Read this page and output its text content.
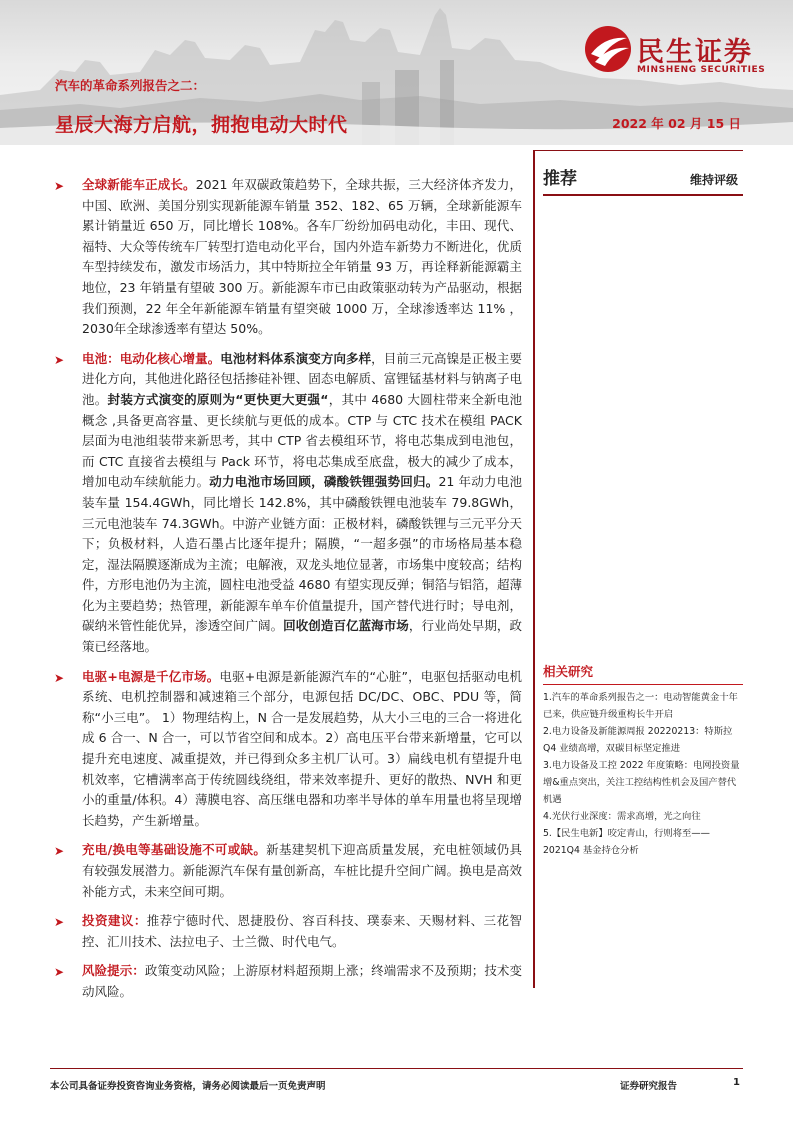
汽车的革命系列报告之二：
星辰大海方启航，拥抱电动大时代	2022 年 02 月 15 日
民生证券
MINSHENG SECURITIES
➤ 全球新能车正成长。2021 年双碳政策趋势下，全球共振，三大经济体齐发力，中国、欧洲、美国分别实现新能源车销量 352、182、65 万辆，全球新能源车累计销量近 650 万，同比增长 108%。各车厂纷纷加码电动化，丰田、现代、福特、大众等传统车厂转型打造电动化平台，国内外造车新势力不断进化，优质车型持续发布，激发市场活力，其中特斯拉全年销量 93 万，再诠释新能源霸主地位，23 年销量有望破 300 万。新能源车市已由政策驱动转为产品驱动，根据我们预测，22 年全年新能源车销量有望突破 1000 万，全球渗透率达 11% ，2030年全球渗透率有望达 50%。
➤ 电池：电动化核心增量。电池材料体系演变方向多样，目前三元高镍是正极主要进化方向，其他进化路径包括掺硅补锂、固态电解质、富锂锰基材料与钠离子电池。封装方式演变的原则为“更快更大更强“，其中 4680 大圆柱带来全新电池概念 ,具备更高容量、更长续航与更低的成本。CTP 与 CTC 技术在模组 PACK 层面为电池组装带来新思考，其中 CTP 省去模组环节，将电芯集成到电池包，而 CTC 直接省去模组与 Pack 环节，将电芯集成至底盘，极大的减少了成本，增加电动车续航能力。动力电池市场回顾，磷酸铁锂强势回归。21 年动力电池装车量 154.4GWh，同比增长 142.8%，其中磷酸铁锂电池装车 79.8GWh，三元电池装车 74.3GWh。中游产业链方面：正极材料，磷酸铁锂与三元平分天下；负极材料，人造石墨占比逐年提升；隔膜，“一超多强”的市场格局基本稳定，湿法隔膜逐渐成为主流；电解液，双龙头地位显著，市场集中度较高；结构件，方形电池仍为主流，圆柱电池受益 4680 有望实现反弹；铜箔与铝箔，超薄化为主要趋势；热管理，新能源车单车价值量提升，国产替代进行时；导电剂，碳纳米管性能优异，渗透空间广阔。回收创造百亿蓝海市场，行业尚处早期，政策已经落地。
➤ 电驱+电源是千亿市场。电驱+电源是新能源汽车的“心脏”，电驱包括驱动电机系统、电机控制器和减速箱三个部分，电源包括 DC/DC、OBC、PDU 等，简称“小三电”。 1）物理结构上，N 合一是发展趋势，从大小三电的三合一将进化成 6 合一、N 合一，可以节省空间和成本。2）高电压平台带来新增量，它可以提升充电速度、减重提效，并已得到众多主机厂认可。3）扁线电机有望提升电机效率，它槽满率高于传统圆线绕组，带来效率提升、更好的散热、NVH 和更小的重量/体积。4）薄膜电容、高压继电器和功率半导体的单车用量也将呈现增长趋势，产生新增量。
➤ 充电/换电等基础设施不可或缺。新基建契机下迎高质量发展，充电桩领域仍具有较强发展潜力。新能源汽车保有量创新高，车桩比提升空间广阔。换电是高效补能方式，未来空间可期。
➤ 投资建议：推荐宁德时代、恩捷股份、容百科技、璞泰来、天赐材料、三花智控、汇川技术、法拉电子、士兰微、时代电气。
➤ 风险提示：政策变动风险；上游原材料超预期上涨；终端需求不及预期；技术变动风险。
推荐	维持评级
相关研究
1.汽车的革命系列报告之一：电动智能黄金十年已来，供应链升级重构长牛开启
2.电力设备及新能源周报 20220213：特斯拉 Q4 业绩高增，双碳目标坚定推进
3.电力设备及工控 2022 年度策略：电网投资量增&重点突出，关注工控结构性机会及国产替代机遇
4.光伏行业深度：需求高增，光之向往
5.【民生电新】咬定青山，行则将至——2021Q4 基金持仓分析
本公司具备证券投资咨询业务资格，请务必阅读最后一页免责声明	证券研究报告	1
